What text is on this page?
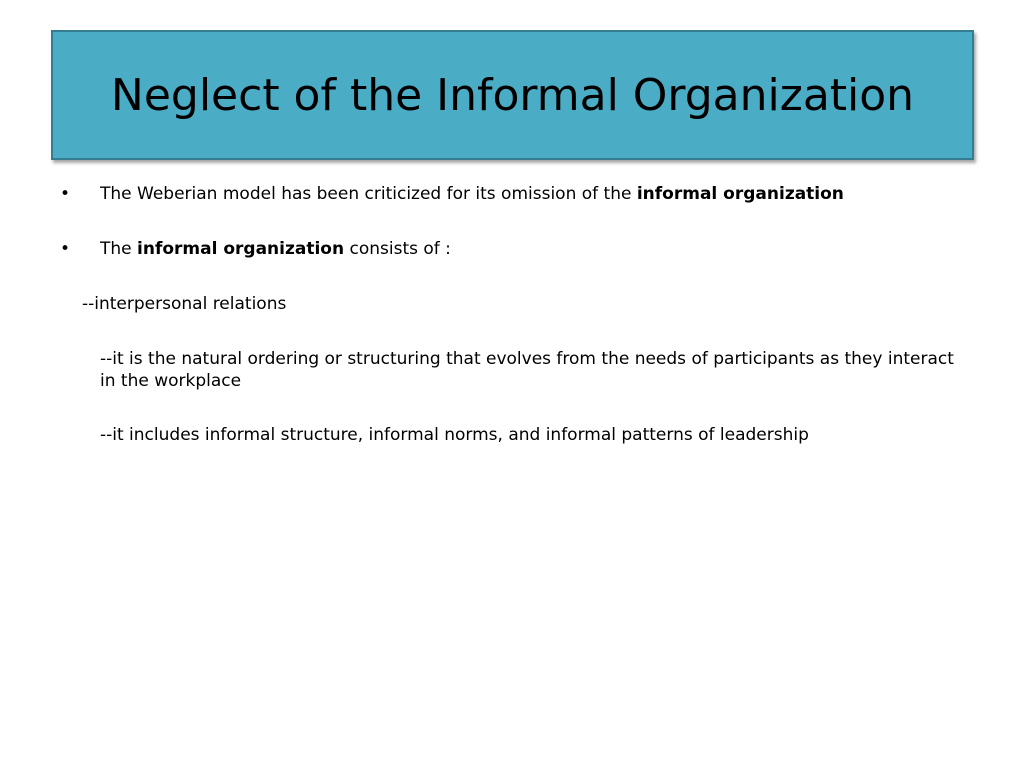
Neglect of the Informal Organization
• The Weberian model has been criticized for its omission of the informal organization
• The informal organization consists of :
--interpersonal relations
--it is the natural ordering or structuring that evolves from the needs of participants as they interact in the workplace
--it includes informal structure, informal norms, and informal patterns of leadership
